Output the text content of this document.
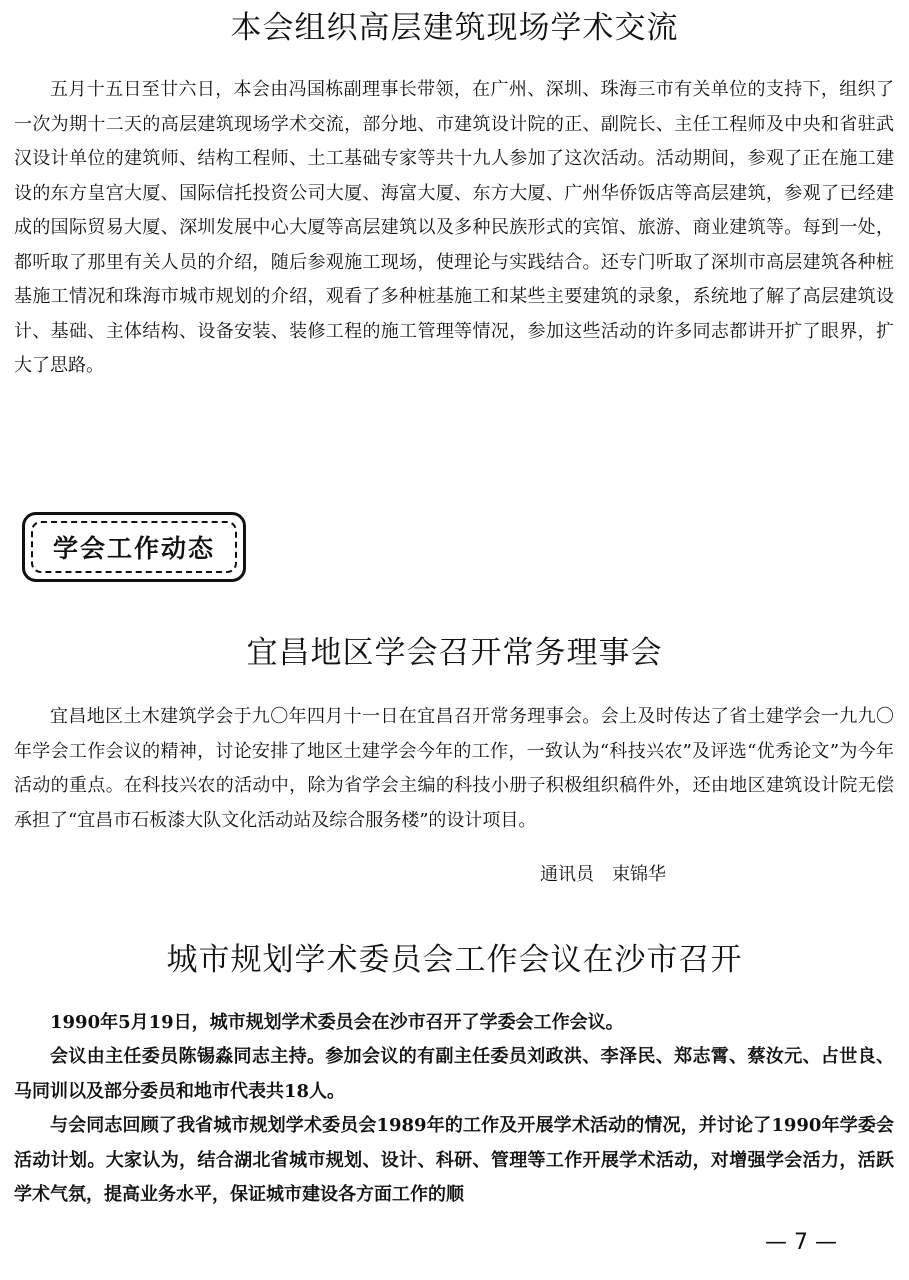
本会组织高层建筑现场学术交流

五月十五日至廿六日，本会由冯国栋副理事长带领，在广州、深圳、珠海三市有关单位的支持下，组织了一次为期十二天的高层建筑现场学术交流，部分地、市建筑设计院的正、副院长、主任工程师及中央和省驻武汉设计单位的建筑师、结构工程师、土工基础专家等共十九人参加了这次活动。活动期间，参观了正在施工建设的东方皇宫大厦、国际信托投资公司大厦、海富大厦、东方大厦、广州华侨饭店等高层建筑，参观了已经建成的国际贸易大厦、深圳发展中心大厦等高层建筑以及多种民族形式的宾馆、旅游、商业建筑等。每到一处，都听取了那里有关人员的介绍，随后参观施工现场，使理论与实践结合。还专门听取了深圳市高层建筑各种桩基施工情况和珠海市城市规划的介绍，观看了多种桩基施工和某些主要建筑的录象，系统地了解了高层建筑设计、基础、主体结构、设备安装、装修工程的施工管理等情况，参加这些活动的许多同志都讲开扩了眼界，扩大了思路。

学会工作动态
宜昌地区学会召开常务理事会

宜昌地区土木建筑学会于九〇年四月十一日在宜昌召开常务理事会。会上及时传达了省土建学会一九九〇年学会工作会议的精神，讨论安排了地区土建学会今年的工作，一致认为“科技兴农”及评选“优秀论文”为今年活动的重点。在科技兴农的活动中，除为省学会主编的科技小册子积极组织稿件外，还由地区建筑设计院无偿承担了“宜昌市石板漆大队文化活动站及综合服务楼”的设计项目。

通讯员　束锦华
城市规划学术委员会工作会议在沙市召开

1990年5月19日，城市规划学术委员会在沙市召开了学委会工作会议。

会议由主任委员陈锡淼同志主持。参加会议的有副主任委员刘政洪、李泽民、郑志霄、蔡汝元、占世良、马同训以及部分委员和地市代表共18人。

与会同志回顾了我省城市规划学术委员会1989年的工作及开展学术活动的情况，并讨论了1990年学委会活动计划。大家认为，结合湖北省城市规划、设计、科研、管理等工作开展学术活动，对增强学会活力，活跃学术气氛，提高业务水平，保证城市建设各方面工作的顺

— 7 —
